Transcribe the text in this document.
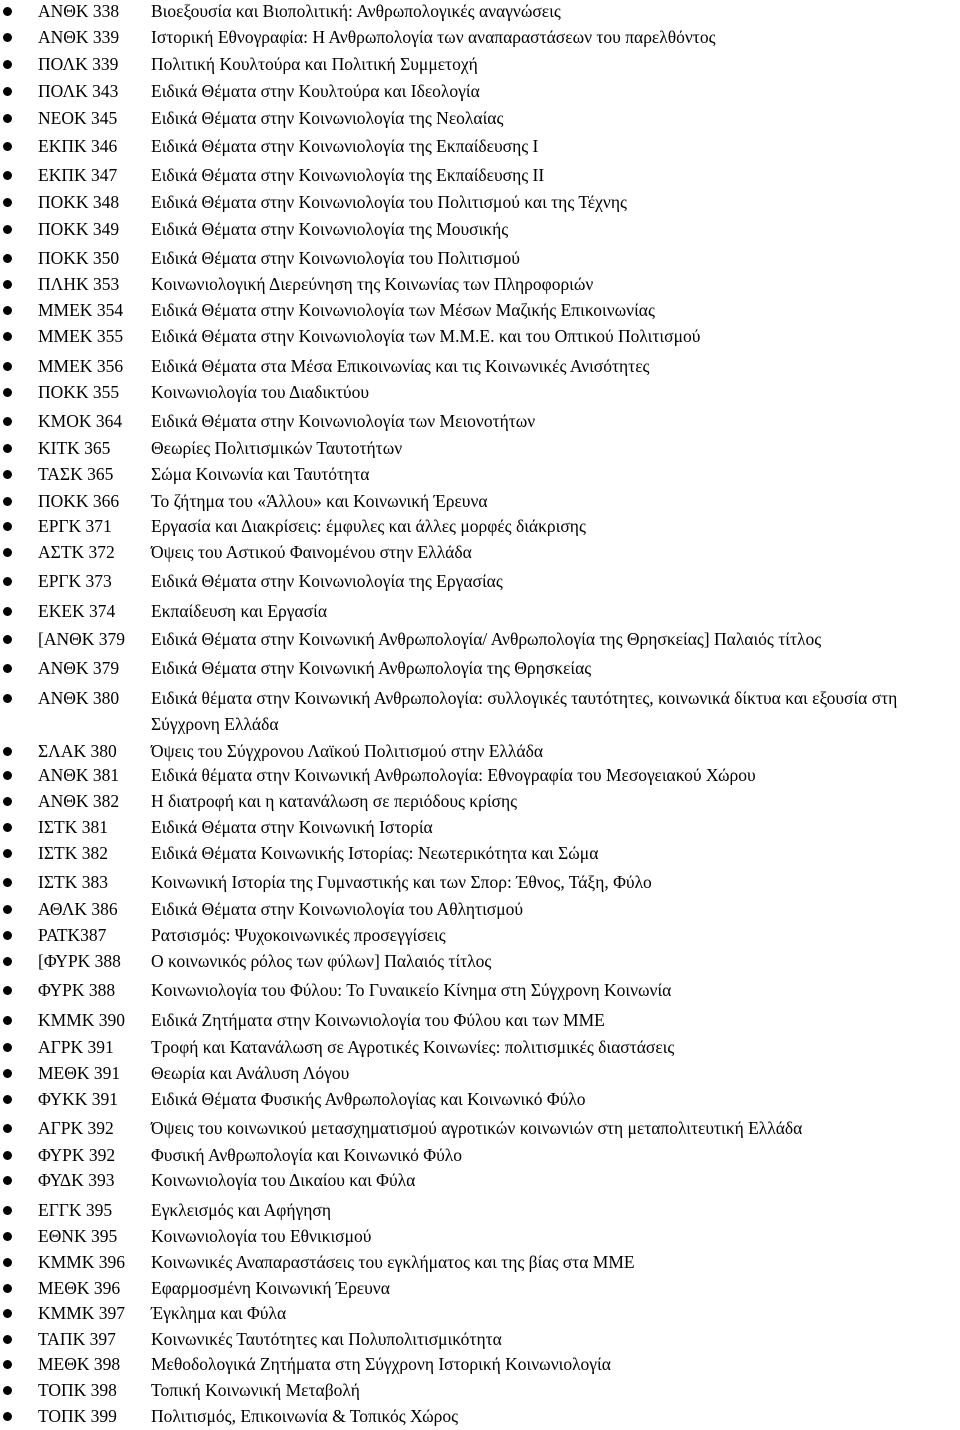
ΑΝΘΚ 338 Βιοεξουσία και Βιοπολιτική: Ανθρωπολογικές αναγνώσεις
ΑΝΘΚ 339 Ιστορική Εθνογραφία: Η Ανθρωπολογία των αναπαραστάσεων του παρελθόντος
ΠΟΛΚ 339 Πολιτική Κουλτούρα και Πολιτική Συμμετοχή
ΠΟΛΚ 343 Ειδικά Θέματα στην Κουλτούρα και Ιδεολογία
ΝΕΟΚ 345 Ειδικά Θέματα στην Κοινωνιολογία της Νεολαίας
ΕΚΠΚ 346 Ειδικά Θέματα στην Κοινωνιολογία της Εκπαίδευσης Ι
ΕΚΠΚ 347 Ειδικά Θέματα στην Κοινωνιολογία της Εκπαίδευσης ΙΙ
ΠΟΚΚ 348 Ειδικά Θέματα στην Κοινωνιολογία του Πολιτισμού και της Τέχνης
ΠΟΚΚ 349 Ειδικά Θέματα στην Κοινωνιολογία της Μουσικής
ΠΟΚΚ 350 Ειδικά Θέματα στην Κοινωνιολογία του Πολιτισμού
ΠΛΗΚ 353 Κοινωνιολογική Διερεύνηση της Κοινωνίας των Πληροφοριών
ΜΜΕΚ 354 Ειδικά Θέματα στην Κοινωνιολογία των Μέσων Μαζικής Επικοινωνίας
ΜΜΕΚ 355 Ειδικά Θέματα στην Κοινωνιολογία των Μ.Μ.Ε. και του Οπτικού Πολιτισμού
ΜΜΕΚ 356 Ειδικά Θέματα στα Μέσα Επικοινωνίας και τις Κοινωνικές Ανισότητες
ΠΟΚΚ 355 Κοινωνιολογία του Διαδικτύου
ΚΜΟΚ 364 Ειδικά Θέματα στην Κοινωνιολογία των Μειονοτήτων
ΚΙΤΚ 365 Θεωρίες Πολιτισμικών Ταυτοτήτων
ΤΑΣΚ 365 Σώμα Κοινωνία και Ταυτότητα
ΠΟΚΚ 366 Το ζήτημα του «Άλλου» και Κοινωνική Έρευνα
ΕΡΓΚ 371 Εργασία και Διακρίσεις: έμφυλες και άλλες μορφές διάκρισης
ΑΣΤΚ 372 Όψεις του Αστικού Φαινομένου στην Ελλάδα
ΕΡΓΚ 373 Ειδικά Θέματα στην Κοινωνιολογία της Εργασίας
ΕΚΕΚ 374 Εκπαίδευση και Εργασία
[ΑΝΘΚ 379 Ειδικά Θέματα στην Κοινωνική Ανθρωπολογία/ Ανθρωπολογία της Θρησκείας] Παλαιός τίτλος
ΑΝΘΚ 379 Ειδικά Θέματα στην Κοινωνική Ανθρωπολογία της Θρησκείας
ΑΝΘΚ 380 Ειδικά θέματα στην Κοινωνική Ανθρωπολογία: συλλογικές ταυτότητες, κοινωνικά δίκτυα και εξουσία στη Σύγχρονη Ελλάδα
ΣΛΑΚ 380 Όψεις του Σύγχρονου Λαϊκού Πολιτισμού στην Ελλάδα
ΑΝΘΚ 381 Ειδικά θέματα στην Κοινωνική Ανθρωπολογία: Εθνογραφία του Μεσογειακού Χώρου
ΑΝΘΚ 382 Η διατροφή και η κατανάλωση σε περιόδους κρίσης
ΙΣΤΚ 381 Ειδικά Θέματα στην Κοινωνική Ιστορία
ΙΣΤΚ 382 Ειδικά Θέματα Κοινωνικής Ιστορίας: Νεωτερικότητα και Σώμα
ΙΣΤΚ 383 Κοινωνική Ιστορία της Γυμναστικής και των Σπορ: Έθνος, Τάξη, Φύλο
ΑΘΛΚ 386 Ειδικά Θέματα στην Κοινωνιολογία του Αθλητισμού
ΡΑΤΚ387	Ρατσισμός: Ψυχοκοινωνικές προσεγγίσεις
[ΦΥΡΚ 388 Ο κοινωνικός ρόλος των φύλων] Παλαιός τίτλος
ΦΥΡΚ 388 Κοινωνιολογία του Φύλου: Το Γυναικείο Κίνημα στη Σύγχρονη Κοινωνία
ΚΜΜΚ 390 Ειδικά Ζητήματα στην Κοινωνιολογία του Φύλου και των ΜΜΕ
ΑΓΡΚ 391 Τροφή και Κατανάλωση σε Αγροτικές Κοινωνίες: πολιτισμικές διαστάσεις
ΜΕΘΚ 391 Θεωρία και Ανάλυση Λόγου
ΦΥΚΚ 391 Ειδικά Θέματα Φυσικής Ανθρωπολογίας και Κοινωνικό Φύλο
ΑΓΡΚ 392 Όψεις του κοινωνικού μετασχηματισμού αγροτικών κοινωνιών στη μεταπολιτευτική Ελλάδα
ΦΥΡΚ 392 Φυσική Ανθρωπολογία και Κοινωνικό Φύλο
ΦΥΔΚ 393 Κοινωνιολογία του Δικαίου και Φύλα
ΕΓΓΚ 395 Εγκλεισμός και Αφήγηση
ΕΘΝΚ 395 Κοινωνιολογία του Εθνικισμού
ΚΜΜΚ 396 Κοινωνικές Αναπαραστάσεις του εγκλήματος και της βίας στα ΜΜΕ
ΜΕΘΚ 396 Εφαρμοσμένη Κοινωνική Έρευνα
ΚΜΜΚ 397 Έγκλημα και Φύλα
ΤΑΠΚ 397 Κοινωνικές Ταυτότητες και Πολυπολιτισμικότητα
ΜΕΘΚ 398 Μεθοδολογικά Ζητήματα στη Σύγχρονη Ιστορική Κοινωνιολογία
ΤΟΠΚ 398 Τοπική Κοινωνική Μεταβολή
ΤΟΠΚ 399 Πολιτισμός, Επικοινωνία & Τοπικός Χώρος
